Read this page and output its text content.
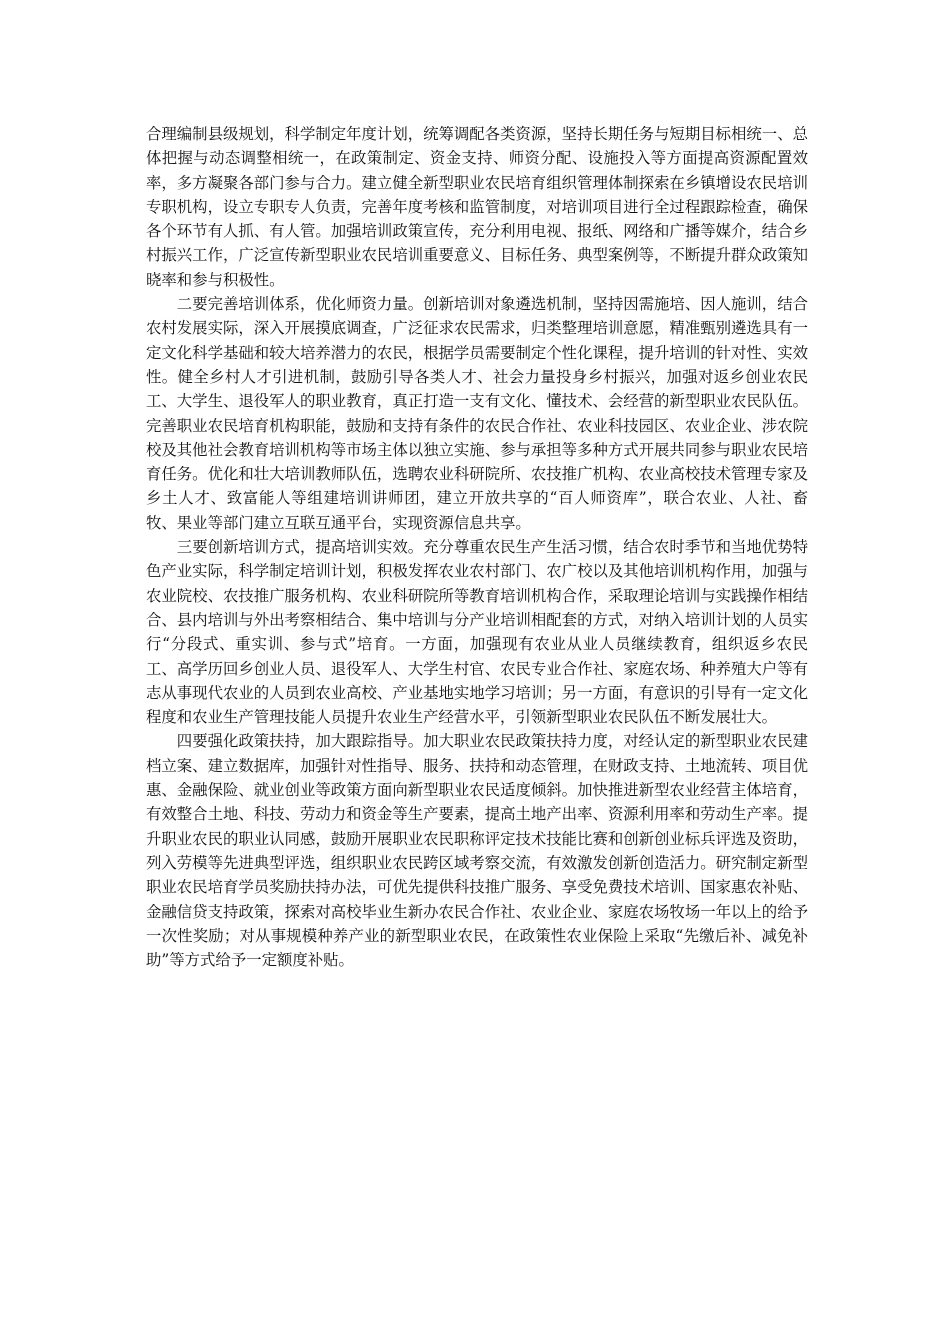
合理编制县级规划，科学制定年度计划，统筹调配各类资源，坚持长期任务与短期目标相统一、总体把握与动态调整相统一，在政策制定、资金支持、师资分配、设施投入等方面提高资源配置效率，多方凝聚各部门参与合力。建立健全新型职业农民培育组织管理体制探索在乡镇增设农民培训专职机构，设立专职专人负责，完善年度考核和监管制度，对培训项目进行全过程跟踪检查，确保各个环节有人抓、有人管。加强培训政策宣传，充分利用电视、报纸、网络和广播等媒介，结合乡村振兴工作，广泛宣传新型职业农民培训重要意义、目标任务、典型案例等，不断提升群众政策知晓率和参与积极性。

二要完善培训体系，优化师资力量。创新培训对象遴选机制，坚持因需施培、因人施训，结合农村发展实际，深入开展摸底调查，广泛征求农民需求，归类整理培训意愿，精准甄别遴选具有一定文化科学基础和较大培养潜力的农民，根据学员需要制定个性化课程，提升培训的针对性、实效性。健全乡村人才引进机制，鼓励引导各类人才、社会力量投身乡村振兴，加强对返乡创业农民工、大学生、退役军人的职业教育，真正打造一支有文化、懂技术、会经营的新型职业农民队伍。完善职业农民培育机构职能，鼓励和支持有条件的农民合作社、农业科技园区、农业企业、涉农院校及其他社会教育培训机构等市场主体以独立实施、参与承担等多种方式开展共同参与职业农民培育任务。优化和壮大培训教师队伍，选聘农业科研院所、农技推广机构、农业高校技术管理专家及乡土人才、致富能人等组建培训讲师团，建立开放共享的“百人师资库”，联合农业、人社、畜牧、果业等部门建立互联互通平台，实现资源信息共享。

三要创新培训方式，提高培训实效。充分尊重农民生产生活习惯，结合农时季节和当地优势特色产业实际，科学制定培训计划，积极发挥农业农村部门、农广校以及其他培训机构作用，加强与农业院校、农技推广服务机构、农业科研院所等教育培训机构合作，采取理论培训与实践操作相结合、县内培训与外出考察相结合、集中培训与分产业培训相配套的方式，对纳入培训计划的人员实行“分段式、重实训、参与式”培育。一方面，加强现有农业从业人员继续教育，组织返乡农民工、高学历回乡创业人员、退役军人、大学生村官、农民专业合作社、家庭农场、种养殖大户等有志从事现代农业的人员到农业高校、产业基地实地学习培训；另一方面，有意识的引导有一定文化程度和农业生产管理技能人员提升农业生产经营水平，引领新型职业农民队伍不断发展壮大。

四要强化政策扶持，加大跟踪指导。加大职业农民政策扶持力度，对经认定的新型职业农民建档立案、建立数据库，加强针对性指导、服务、扶持和动态管理，在财政支持、土地流转、项目优惠、金融保险、就业创业等政策方面向新型职业农民适度倾斜。加快推进新型农业经营主体培育，有效整合土地、科技、劳动力和资金等生产要素，提高土地产出率、资源利用率和劳动生产率。提升职业农民的职业认同感，鼓励开展职业农民职称评定技术技能比赛和创新创业标兵评选及资助，列入劳模等先进典型评选，组织职业农民跨区域考察交流，有效激发创新创造活力。研究制定新型职业农民培育学员奖励扶持办法，可优先提供科技推广服务、享受免费技术培训、国家惠农补贴、金融信贷支持政策，探索对高校毕业生新办农民合作社、农业企业、家庭农场牧场一年以上的给予一次性奖励；对从事规模种养产业的新型职业农民，在政策性农业保险上采取“先缴后补、减免补助”等方式给予一定额度补贴。
